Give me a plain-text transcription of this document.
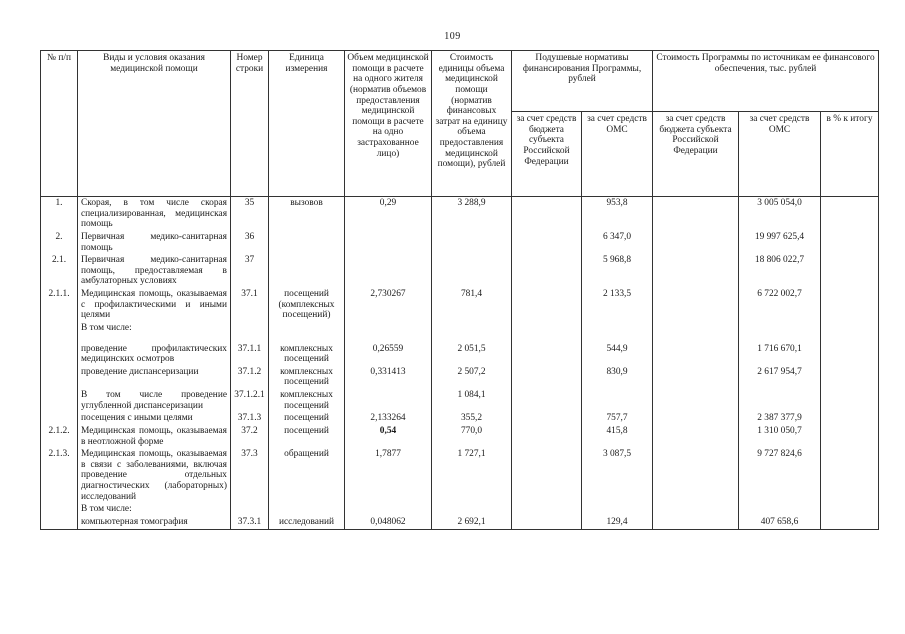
109
№ п/п	Виды и условия оказания медицинской помощи	Номер строки	Единица измерения	Объем медицинской помощи в расчете на одного жителя (норматив объемов предоставления медицинской помощи в расчете на одно застрахованное лицо)	Стоимость единицы объема медицинской помощи (норматив финансовых затрат на единицу объема предоставления медицинской помощи), рублей	Подушевые нормативы финансирования Программы, рублей		Стоимость Программы по источникам ее финансового обеспечения, тыс. рублей		
						за счет средств бюджета субъекта Российской Федерации	за счет средств ОМС	за счет средств бюджета субъекта Российской Федерации	за счет средств ОМС	в % к итогу
1.	Скорая, в том числе скорая специализированная, медицинская помощь	35	вызовов	0,29	3 288,9		953,8		3 005 054,0	
2.	Первичная медико-санитарная помощь	36					6 347,0		19 997 625,4	
2.1.	Первичная медико-санитарная помощь, предоставляемая в амбулаторных условиях	37					5 968,8		18 806 022,7	
2.1.1.	Медицинская помощь, оказываемая с профилактическими и иными целями	37.1	посещений (комплексных посещений)	2,730267	781,4		2 133,5		6 722 002,7	
	В том числе:									

	проведение профилактических медицинских осмотров	37.1.1	комплексных посещений	0,26559	2 051,5		544,9		1 716 670,1	
	проведение диспансеризации	37.1.2	комплексных посещений	0,331413	2 507,2		830,9		2 617 954,7	
	В том числе проведение углубленной диспансеризации	37.1.2.1	комплексных посещений		1 084,1					
	посещения с иными целями	37.1.3	посещений	2,133264	355,2		757,7		2 387 377,9	
2.1.2.	Медицинская помощь, оказываемая в неотложной форме	37.2	посещений	0,54	770,0		415,8		1 310 050,7	
2.1.3.	Медицинская помощь, оказываемая в связи с заболеваниями, включая проведение отдельных диагностических (лабораторных) исследований	37.3	обращений	1,7877	1 727,1		3 087,5		9 727 824,6	
	В том числе:									
	компьютерная томография	37.3.1	исследований	0,048062	2 692,1		129,4		407 658,6	
